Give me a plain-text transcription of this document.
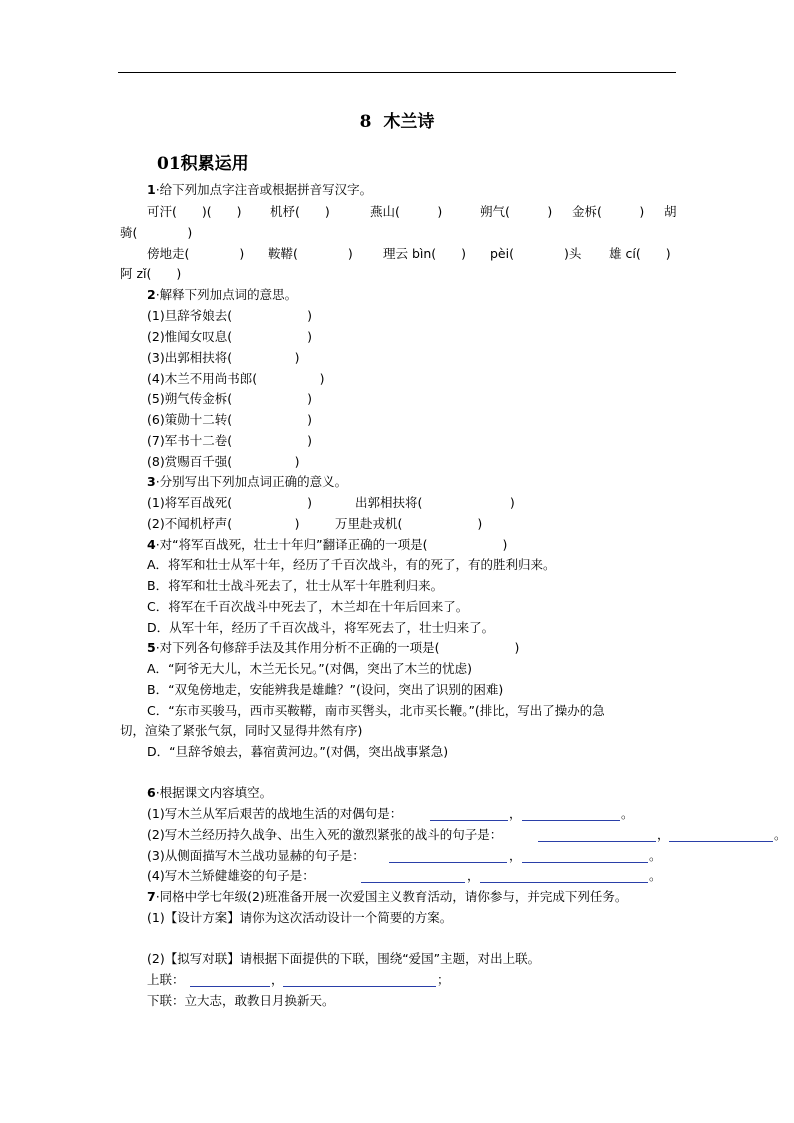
8 木兰诗
01积累运用
1·给下列加点字注音或根据拼音写汉字。
可汗(　　)(　　) 机杼(　　)	燕山(　　　)	朔气(　　　) 金柝(　　　) 胡
骑(　　　　)
傍地走(　　　　) 鞍鞯(　　　　) 理云 bìn(　　) pèi(　　　　)头 雄 cí(　　)
阿 zǐ(　　)
2·解释下列加点词的意思。
(1)旦辞爷娘去(　　　　　　)
(2)惟闻女叹息(　　　　　　)
(3)出郭相扶将(　　　　　)
(4)木兰不用尚书郎(　　　　　)
(5)朔气传金柝(　　　　　　)
(6)策勋十二转(　　　　　　)
(7)军书十二卷(　　　　　　)
(8)赏赐百千强(　　　　　)
3·分别写出下列加点词正确的意义。
(1)将军百战死(　　　　　　)	出郭相扶将(　　　　　　　)
(2)不闻机杼声(　　　　　)	万里赴戎机(　　　　　　)
4·对“将军百战死，壮士十年归”翻译正确的一项是(　　　　　　)
A．将军和壮士从军十年，经历了千百次战斗，有的死了，有的胜利归来。
B．将军和壮士战斗死去了，壮士从军十年胜利归来。
C．将军在千百次战斗中死去了，木兰却在十年后回来了。
D．从军十年，经历了千百次战斗，将军死去了，壮士归来了。
5·对下列各句修辞手法及其作用分析不正确的一项是(　　　　　　)
A．“阿爷无大儿，木兰无长兄。”(对偶，突出了木兰的忧虑)
B．“双兔傍地走，安能辨我是雄雌？”(设问，突出了识别的困难)
C．“东市买骏马，西市买鞍鞯，南市买辔头，北市买长鞭。”(排比，写出了操办的急
切，渲染了紧张气氛，同时又显得井然有序)
D．“旦辞爷娘去，暮宿黄河边。”(对偶，突出战事紧急)
6·根据课文内容填空。
(1)写木兰从军后艰苦的战地生活的对偶句是：	，	。
(2)写木兰经历持久战争、出生入死的激烈紧张的战斗的句子是：	，	。
(3)从侧面描写木兰战功显赫的句子是：	，	。
(4)写木兰矫健雄姿的句子是：	，	。
7·同格中学七年级(2)班准备开展一次爱国主义教育活动，请你参与，并完成下列任务。
(1)【设计方案】请你为这次活动设计一个简要的方案。
(2)【拟写对联】请根据下面提供的下联，围绕“爱国”主题，对出上联。
上联：	，	；
下联：立大志，敢教日月换新天。
